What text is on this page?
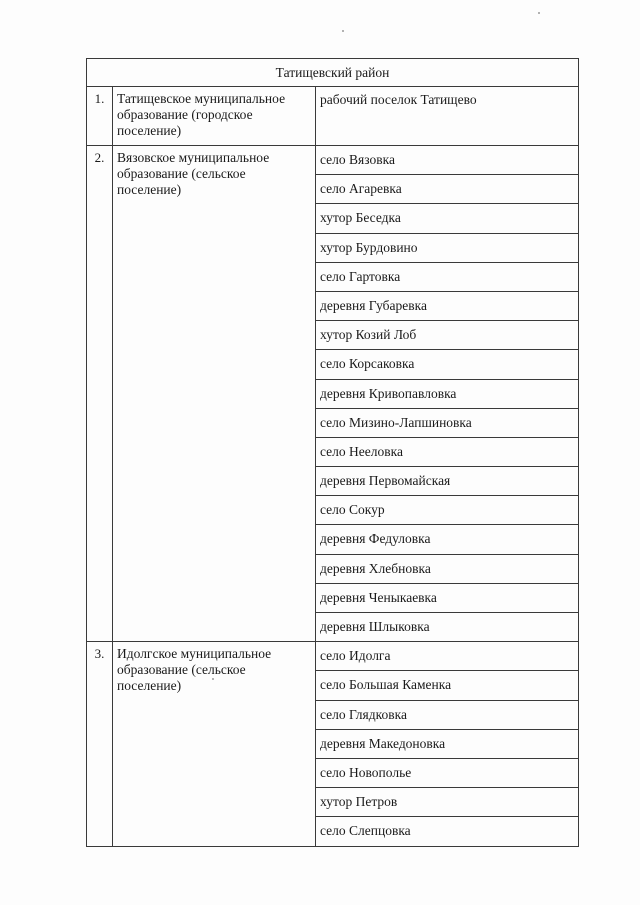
Татищевский район		
1.	Татищевское муниципальное образование (городское поселение)	рабочий поселок Татищево

2.	Вязовское муниципальное образование (сельское поселение)	село Вязовка

		село Агаревка

		хутор Беседка

		хутор Бурдовино

		село Гартовка

		деревня Губаревка

		хутор Козий Лоб

		село Корсаковка

		деревня Кривопавловка

		село Мизино-Лапшиновка

		село Нееловка

		деревня Первомайская

		село Сокур

		деревня Федуловка

		деревня Хлебновка

		деревня Ченыкаевка

		деревня Шлыковка

3.	Идолгское муниципальное образование (сельское поселение)	село Идолга

		село Большая Каменка

		село Глядковка

		деревня Македоновка

		село Новополье

		хутор Петров

		село Слепцовка
